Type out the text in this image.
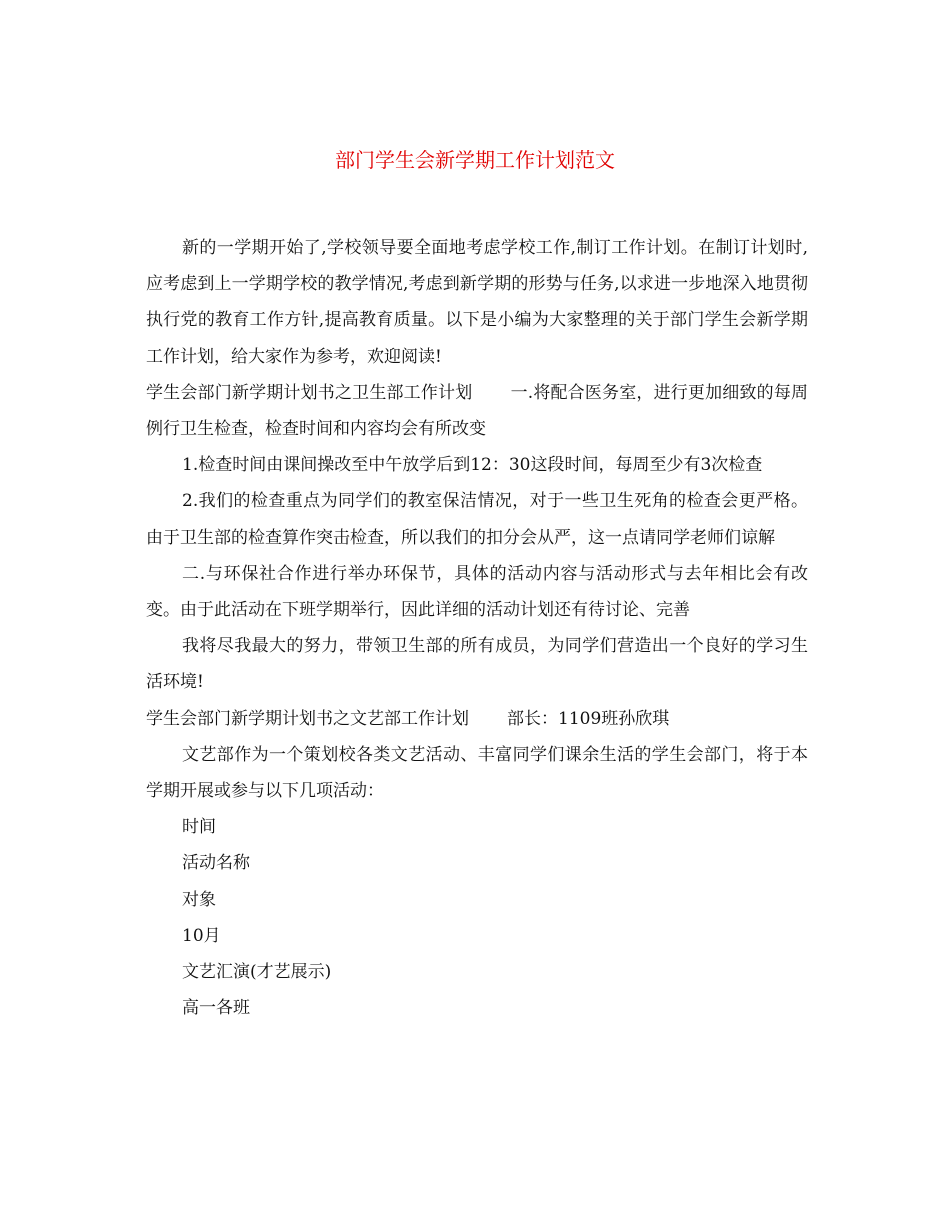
部门学生会新学期工作计划范文

新的一学期开始了,学校领导要全面地考虑学校工作,制订工作计划。在制订计划时,应考虑到上一学期学校的教学情况,考虑到新学期的形势与任务,以求进一步地深入地贯彻执行党的教育工作方针,提高教育质量。以下是小编为大家整理的关于部门学生会新学期工作计划，给大家作为参考，欢迎阅读!

学生会部门新学期计划书之卫生部工作计划 一.将配合医务室，进行更加细致的每周例行卫生检查，检查时间和内容均会有所改变

1.检查时间由课间操改至中午放学后到12：30这段时间，每周至少有3次检查

2.我们的检查重点为同学们的教室保洁情况，对于一些卫生死角的检查会更严格。由于卫生部的检查算作突击检查，所以我们的扣分会从严，这一点请同学老师们谅解

二.与环保社合作进行举办环保节，具体的活动内容与活动形式与去年相比会有改变。由于此活动在下班学期举行，因此详细的活动计划还有待讨论、完善

我将尽我最大的努力，带领卫生部的所有成员，为同学们营造出一个良好的学习生活环境!

学生会部门新学期计划书之文艺部工作计划 部长：1109班孙欣琪

文艺部作为一个策划校各类文艺活动、丰富同学们课余生活的学生会部门，将于本学期开展或参与以下几项活动：

时间

活动名称

对象

10月

文艺汇演(才艺展示)

高一各班
